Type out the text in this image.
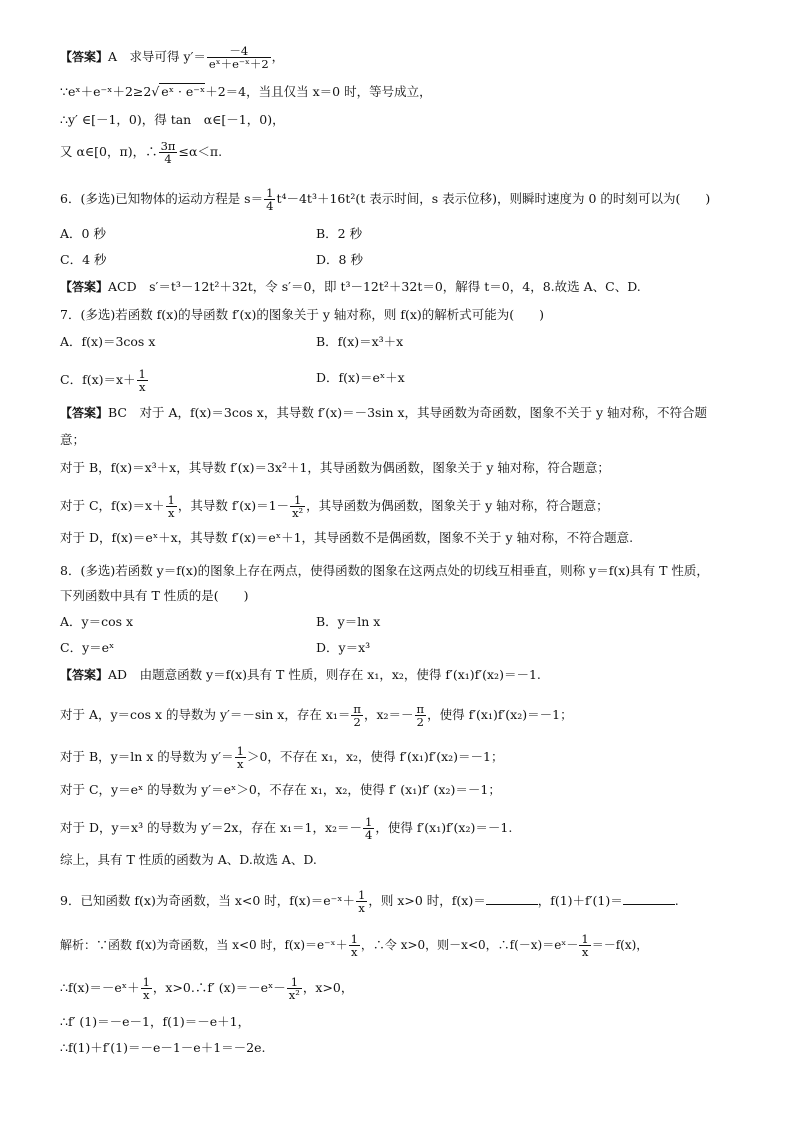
【答案】A　求导可得 $y'= \frac{-4}{\text{eˣ＋e⁻ˣ＋2}}$ ，
∵eˣ＋e⁻ˣ＋2≥2√ eˣ · e⁻ˣ＋2＝4，当且仅当 x＝0 时，等号成立，
∴y′ ∈[－1，0)，得 tan　α∈[－1，0)，
又 α∈[0，π)，∴ $\frac{3\pi}{4} \le\alpha<\pi$.
6．(多选)已知物体的运动方程是 $s= \frac{1}{4} t^4-4t^3+16t^2(t$ 表示时间，s 表示位移)，则瞬时速度为 0 的时刻可以为(　　)
A．0 秒	B．2 秒
C．4 秒	D．8 秒
【答案】ACD　s′＝t³－12t²＋32t，令 s′＝0，即 t³－12t²＋32t＝0，解得 t＝0，4，8.故选 A、C、D.
7．(多选)若函数 f(x)的导函数 f′(x)的图象关于 y 轴对称，则 f(x)的解析式可能为(　　)
A．f(x)＝3cos x	B．f(x)＝x³＋x
C．$f(x)=x+ \frac{1}{x}$	D．f(x)＝eˣ＋x
【答案】BC　对于 A，f(x)＝3cos x，其导数 f′(x)＝－3sin x，其导函数为奇函数，图象不关于 y 轴对称，不符合题
意；
对于 B，f(x)＝x³＋x，其导数 f′(x)＝3x²＋1，其导函数为偶函数，图象关于 y 轴对称，符合题意；
对于 C，$f(x)=x+ \frac{1}{x}$ ，其导数 $f'(x)=1- \frac{1}{\text{x²}}$ ，其导函数为偶函数，图象关于 y 轴对称，符合题意；
对于 D，f(x)＝eˣ＋x，其导数 f′(x)＝eˣ＋1，其导函数不是偶函数，图象不关于 y 轴对称，不符合题意.
8．(多选)若函数 y＝f(x)的图象上存在两点，使得函数的图象在这两点处的切线互相垂直，则称 y＝f(x)具有 T 性质，
下列函数中具有 T 性质的是(　　)
A．y＝cos x	B．y＝ln x
C．y＝eˣ	D．y＝x³
【答案】AD　由题意函数 y＝f(x)具有 T 性质，则存在 x₁，x₂，使得 f′(x₁)f′(x₂)＝－1.
对于 A，y＝cos x 的导数为 y′＝－sin x，存在 $x_1= \frac{\pi}{2}$ ，$x_2=- \frac{\pi}{2}$ ，使得 f′(x₁)f′(x₂)＝－1；
对于 B，y＝ln x 的导数为 $y'= \frac{1}{x} >0$，不存在 x₁，x₂，使得 f′(x₁)f′(x₂)＝－1；
对于 C，y＝eˣ 的导数为 y′＝eˣ＞0，不存在 x₁，x₂，使得 f′ (x₁)f′ (x₂)＝－1；
对于 D，y＝x³ 的导数为 y′＝2x，存在 x₁＝1，$x_2=- \frac{1}{4}$ ，使得 f′(x₁)f′(x₂)＝－1.
综上，具有 T 性质的函数为 A、D.故选 A、D.
9．已知函数 f(x)为奇函数，当 x<0 时，f(x)＝e⁻ˣ＋ $\frac{1}{x}$ ，则 x>0 时，f(x)＝	，f(1)＋f′(1)＝	.
解析：∵函数 f(x)为奇函数，当 x<0 时，f(x)＝e⁻ˣ＋ $\frac{1}{x}$ ，∴令 x>0，则－x<0，∴f(－x)＝eˣ－ $\frac{1}{x} =-f(x)$，
∴f(x)＝－eˣ＋ $\frac{1}{x}$ ，x>0.∴f′ (x)＝－eˣ－ $\frac{1}{\text{x²}}$ ，x>0，
∴f′ (1)＝－e－1，f(1)＝－e＋1，
∴f(1)＋f′(1)＝－e－1－e＋1＝－2e.
